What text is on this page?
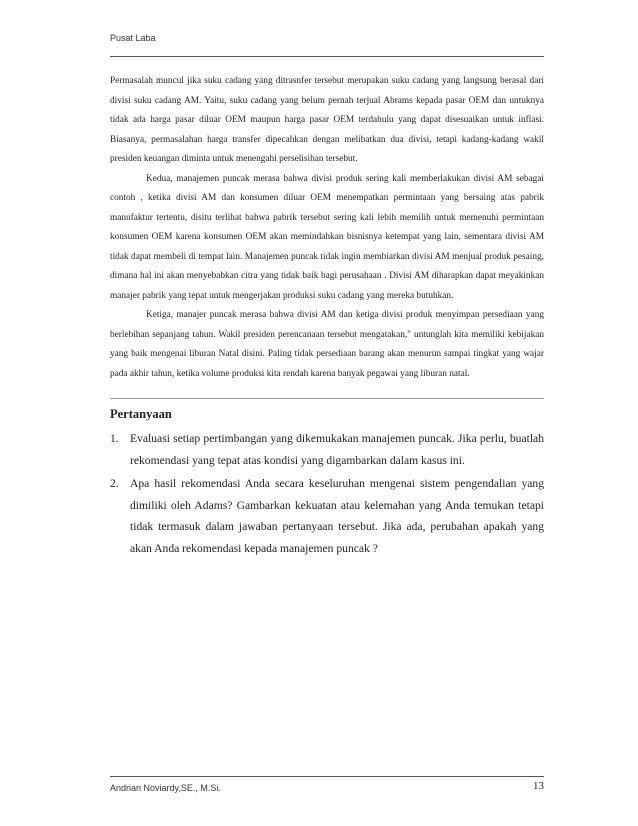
Pusat Laba

Permasalah muncul jika suku cadang yang ditrasnfer tersebut merupakan suku cadang yang langsung berasal dari divisi suku cadang AM. Yaitu, suku cadang yang belum pernah terjual Abrams kepada pasar OEM dan untuknya tidak ada harga pasar diluar OEM maupun harga pasar OEM terdahulu yang dapat disesuaikan untuk inflasi. Biasanya, permasalahan harga transfer dipecahkan dengan melibatkan dua divisi, tetapi kadang-kadang wakil presiden keuangan diminta untuk menengahi perselisihan tersebut.

Kedua, manajemen puncak merasa bahwa divisi produk sering kali memberlakukan divisi AM sebagai contoh , ketika divisi AM dan konsumen diluar OEM menempatkan permintaan yang bersaing atas pabrik manufaktur tertentu, disitu terlihat bahwa pabrik tersebut sering kali lebih memilih untuk memenuhi permintaan konsumen OEM karena konsumen OEM akan memindahkan bisnisnya ketempat yang lain, sementara divisi AM tidak dapat membeli di tempat lain. Manajemen puncak tidak ingin membiarkan divisi AM menjual produk pesaing, dimana hal ini akan menyebabkan citra yang tidak baik bagi perusahaan . Divisi AM diharapkan dapat meyakinkan manajer pabrik yang tepat untuk mengerjakan produksi suku cadang yang mereka butuhkan.

Ketiga, manajer puncak merasa bahwa divisi AM dan ketiga divisi produk menyimpan persediaan yang berlebihan sepanjang tahun. Wakil presiden perencanaan tersebut mengatakan," untunglah kita memiliki kebijakan yang baik mengenai liburan Natal disini. Paling tidak persediaan barang akan menurun sampai tingkat yang wajar pada akhir tahun, ketika volume produksi kita rendah karena banyak pegawai yang liburan natal.

Pertanyaan
1. Evaluasi setiap pertimbangan yang dikemukakan manajemen puncak. Jika perlu, buatlah rekomendasi yang tepat atas kondisi yang digambarkan dalam kasus ini.
2. Apa hasil rekomendasi Anda secara keseluruhan mengenai sistem pengendalian yang dimiliki oleh Adams? Gambarkan kekuatan atau kelemahan yang Anda temukan tetapi tidak termasuk dalam jawaban pertanyaan tersebut. Jika ada, perubahan apakah yang akan Anda rekomendasi kepada manajemen puncak ?
Andrian Noviardy,SE., M.Si.	13
